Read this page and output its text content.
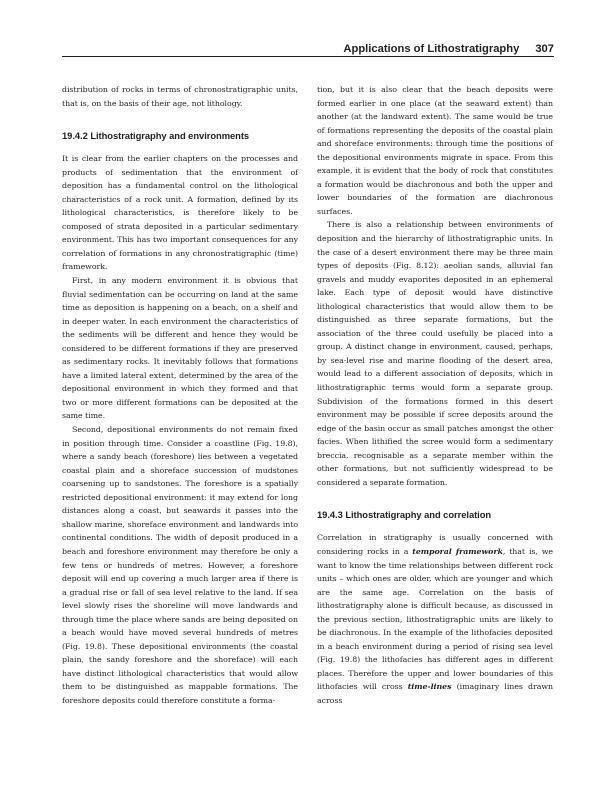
Applications of Lithostratigraphy 307

distribution of rocks in terms of chronostratigraphic units, that is, on the basis of their age, not lithology.

19.4.2 Lithostratigraphy and environments

It is clear from the earlier chapters on the processes and products of sedimentation that the environment of deposition has a fundamental control on the lithological characteristics of a rock unit. A formation, defined by its lithological characteristics, is therefore likely to be composed of strata deposited in a particular sedimentary environment. This has two important consequences for any correlation of formations in any chronostratigraphic (time) framework.

First, in any modern environment it is obvious that fluvial sedimentation can be occurring on land at the same time as deposition is happening on a beach, on a shelf and in deeper water. In each environment the characteristics of the sediments will be different and hence they would be considered to be different formations if they are preserved as sedimentary rocks. It inevitably follows that formations have a limited lateral extent, determined by the area of the depositional environment in which they formed and that two or more different formations can be deposited at the same time.

Second, depositional environments do not remain fixed in position through time. Consider a coastline (Fig. 19.8), where a sandy beach (foreshore) lies between a vegetated coastal plain and a shoreface succession of mudstones coarsening up to sandstones. The foreshore is a spatially restricted depositional environment: it may extend for long distances along a coast, but seawards it passes into the shallow marine, shoreface environment and landwards into continental conditions. The width of deposit produced in a beach and foreshore environment may therefore be only a few tens or hundreds of metres. However, a foreshore deposit will end up covering a much larger area if there is a gradual rise or fall of sea level relative to the land. If sea level slowly rises the shoreline will move landwards and through time the place where sands are being deposited on a beach would have moved several hundreds of metres (Fig. 19.8). These depositional environments (the coastal plain, the sandy foreshore and the shoreface) will each have distinct lithological characteristics that would allow them to be distinguished as mappable formations. The foreshore deposits could therefore constitute a forma-

tion, but it is also clear that the beach deposits were formed earlier in one place (at the seaward extent) than another (at the landward extent). The same would be true of formations representing the deposits of the coastal plain and shoreface environments: through time the positions of the depositional environments migrate in space. From this example, it is evident that the body of rock that constitutes a formation would be diachronous and both the upper and lower boundaries of the formation are diachronous surfaces.

There is also a relationship between environments of deposition and the hierarchy of lithostratigraphic units. In the case of a desert environment there may be three main types of deposits (Fig. 8.12): aeolian sands, alluvial fan gravels and muddy evaporites deposited in an ephemeral lake. Each type of deposit would have distinctive lithological characteristics that would allow them to be distinguished as three separate formations, but the association of the three could usefully be placed into a group. A distinct change in environment, caused, perhaps, by sea-level rise and marine flooding of the desert area, would lead to a different association of deposits, which in lithostratigraphic terms would form a separate group. Subdivision of the formations formed in this desert environment may be possible if scree deposits around the edge of the basin occur as small patches amongst the other facies. When lithified the scree would form a sedimentary breccia, recognisable as a separate member within the other formations, but not sufficiently widespread to be considered a separate formation.

19.4.3 Lithostratigraphy and correlation

Correlation in stratigraphy is usually concerned with considering rocks in a temporal framework, that is, we want to know the time relationships between different rock units – which ones are older, which are younger and which are the same age. Correlation on the basis of lithostratigraphy alone is difficult because, as discussed in the previous section, lithostratigraphic units are likely to be diachronous. In the example of the lithofacies deposited in a beach environment during a period of rising sea level (Fig. 19.8) the lithofacies has different ages in different places. Therefore the upper and lower boundaries of this lithofacies will cross time-lines (imaginary lines drawn across
